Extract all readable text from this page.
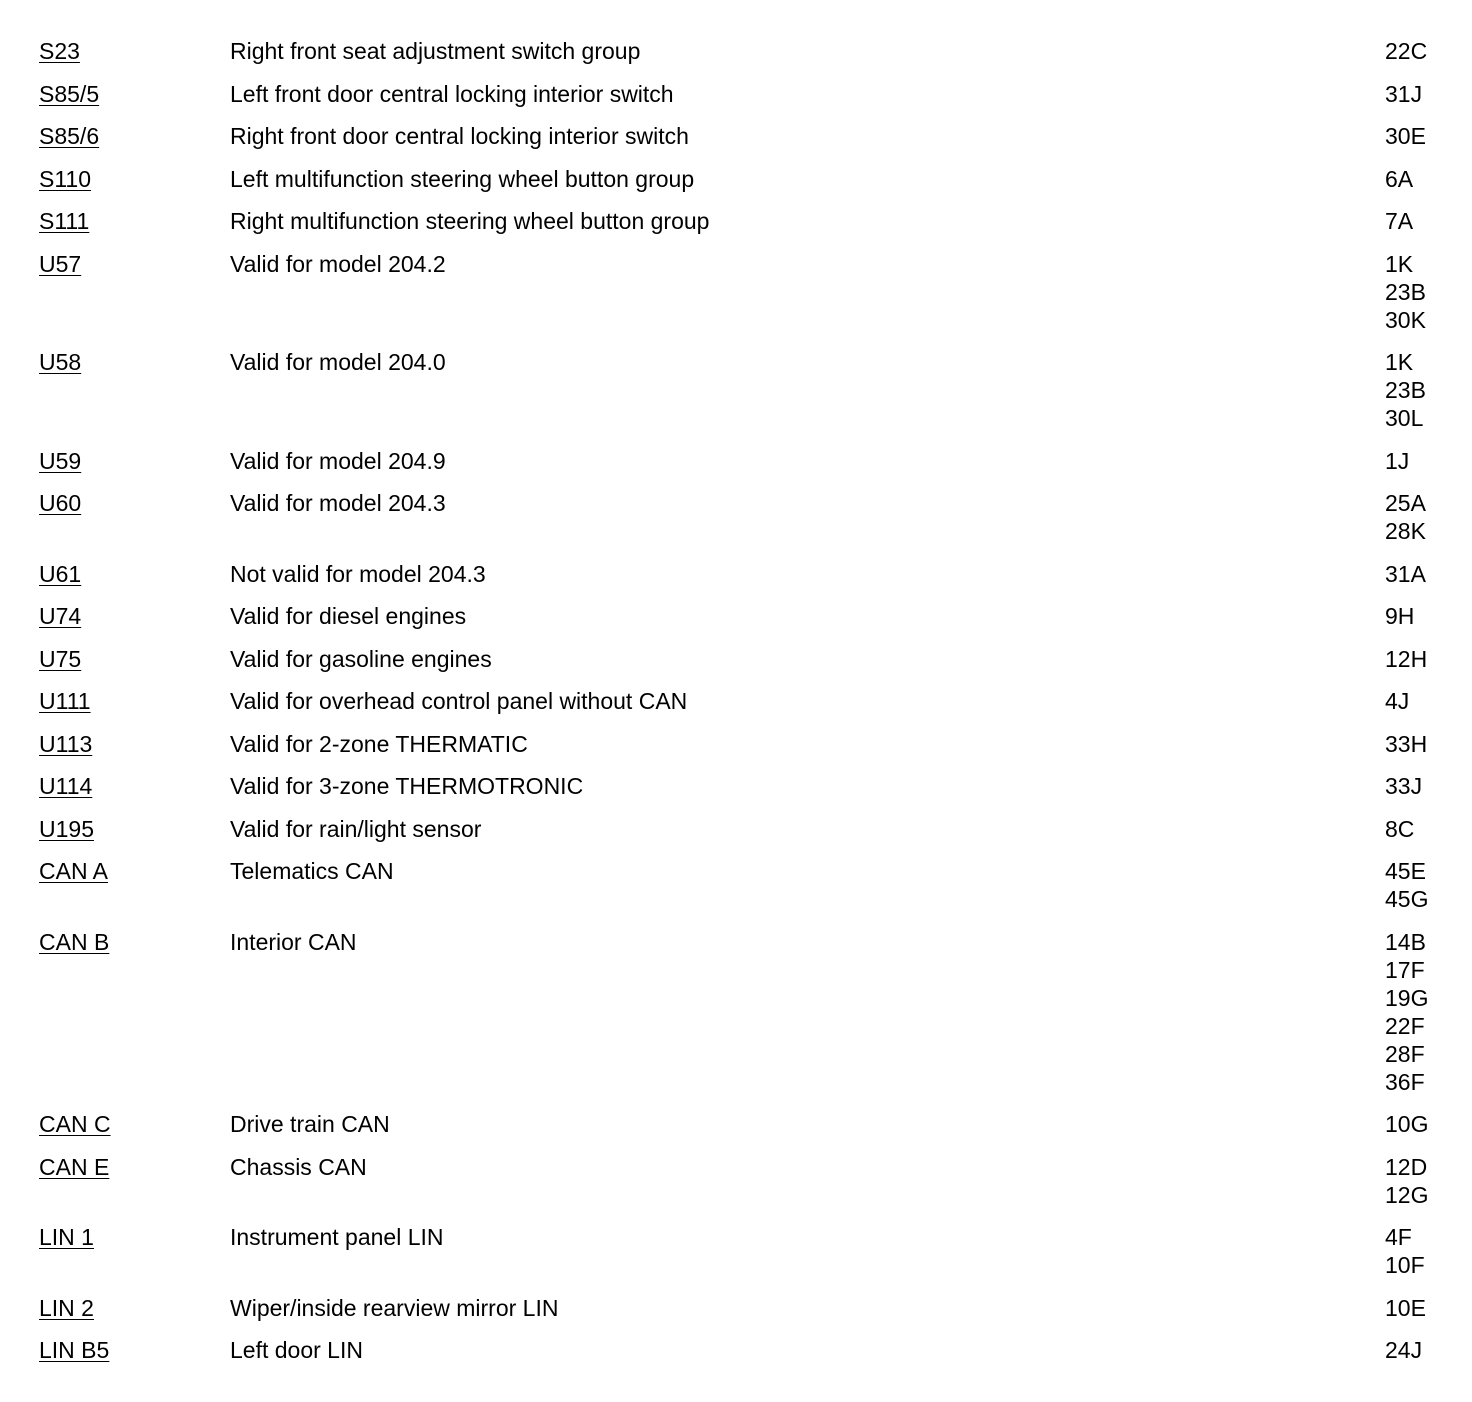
S23	Right front seat adjustment switch group	22C
S85/5	Left front door central locking interior switch	31J
S85/6	Right front door central locking interior switch	30E
S110	Left multifunction steering wheel button group	6A
S111	Right multifunction steering wheel button group	7A
U57	Valid for model 204.2	1K
23B
30K
U58	Valid for model 204.0	1K
23B
30L
U59	Valid for model 204.9	1J
U60	Valid for model 204.3	25A
28K
U61	Not valid for model 204.3	31A
U74	Valid for diesel engines	9H
U75	Valid for gasoline engines	12H
U111	Valid for overhead control panel without CAN	4J
U113	Valid for 2-zone THERMATIC	33H
U114	Valid for 3-zone THERMOTRONIC	33J
U195	Valid for rain/light sensor	8C
CAN A	Telematics CAN	45E
45G
CAN B	Interior CAN	14B
17F
19G
22F
28F
36F
CAN C	Drive train CAN	10G
CAN E	Chassis CAN	12D
12G
LIN 1	Instrument panel LIN	4F
10F
LIN 2	Wiper/inside rearview mirror LIN	10E
LIN B5	Left door LIN	24J
